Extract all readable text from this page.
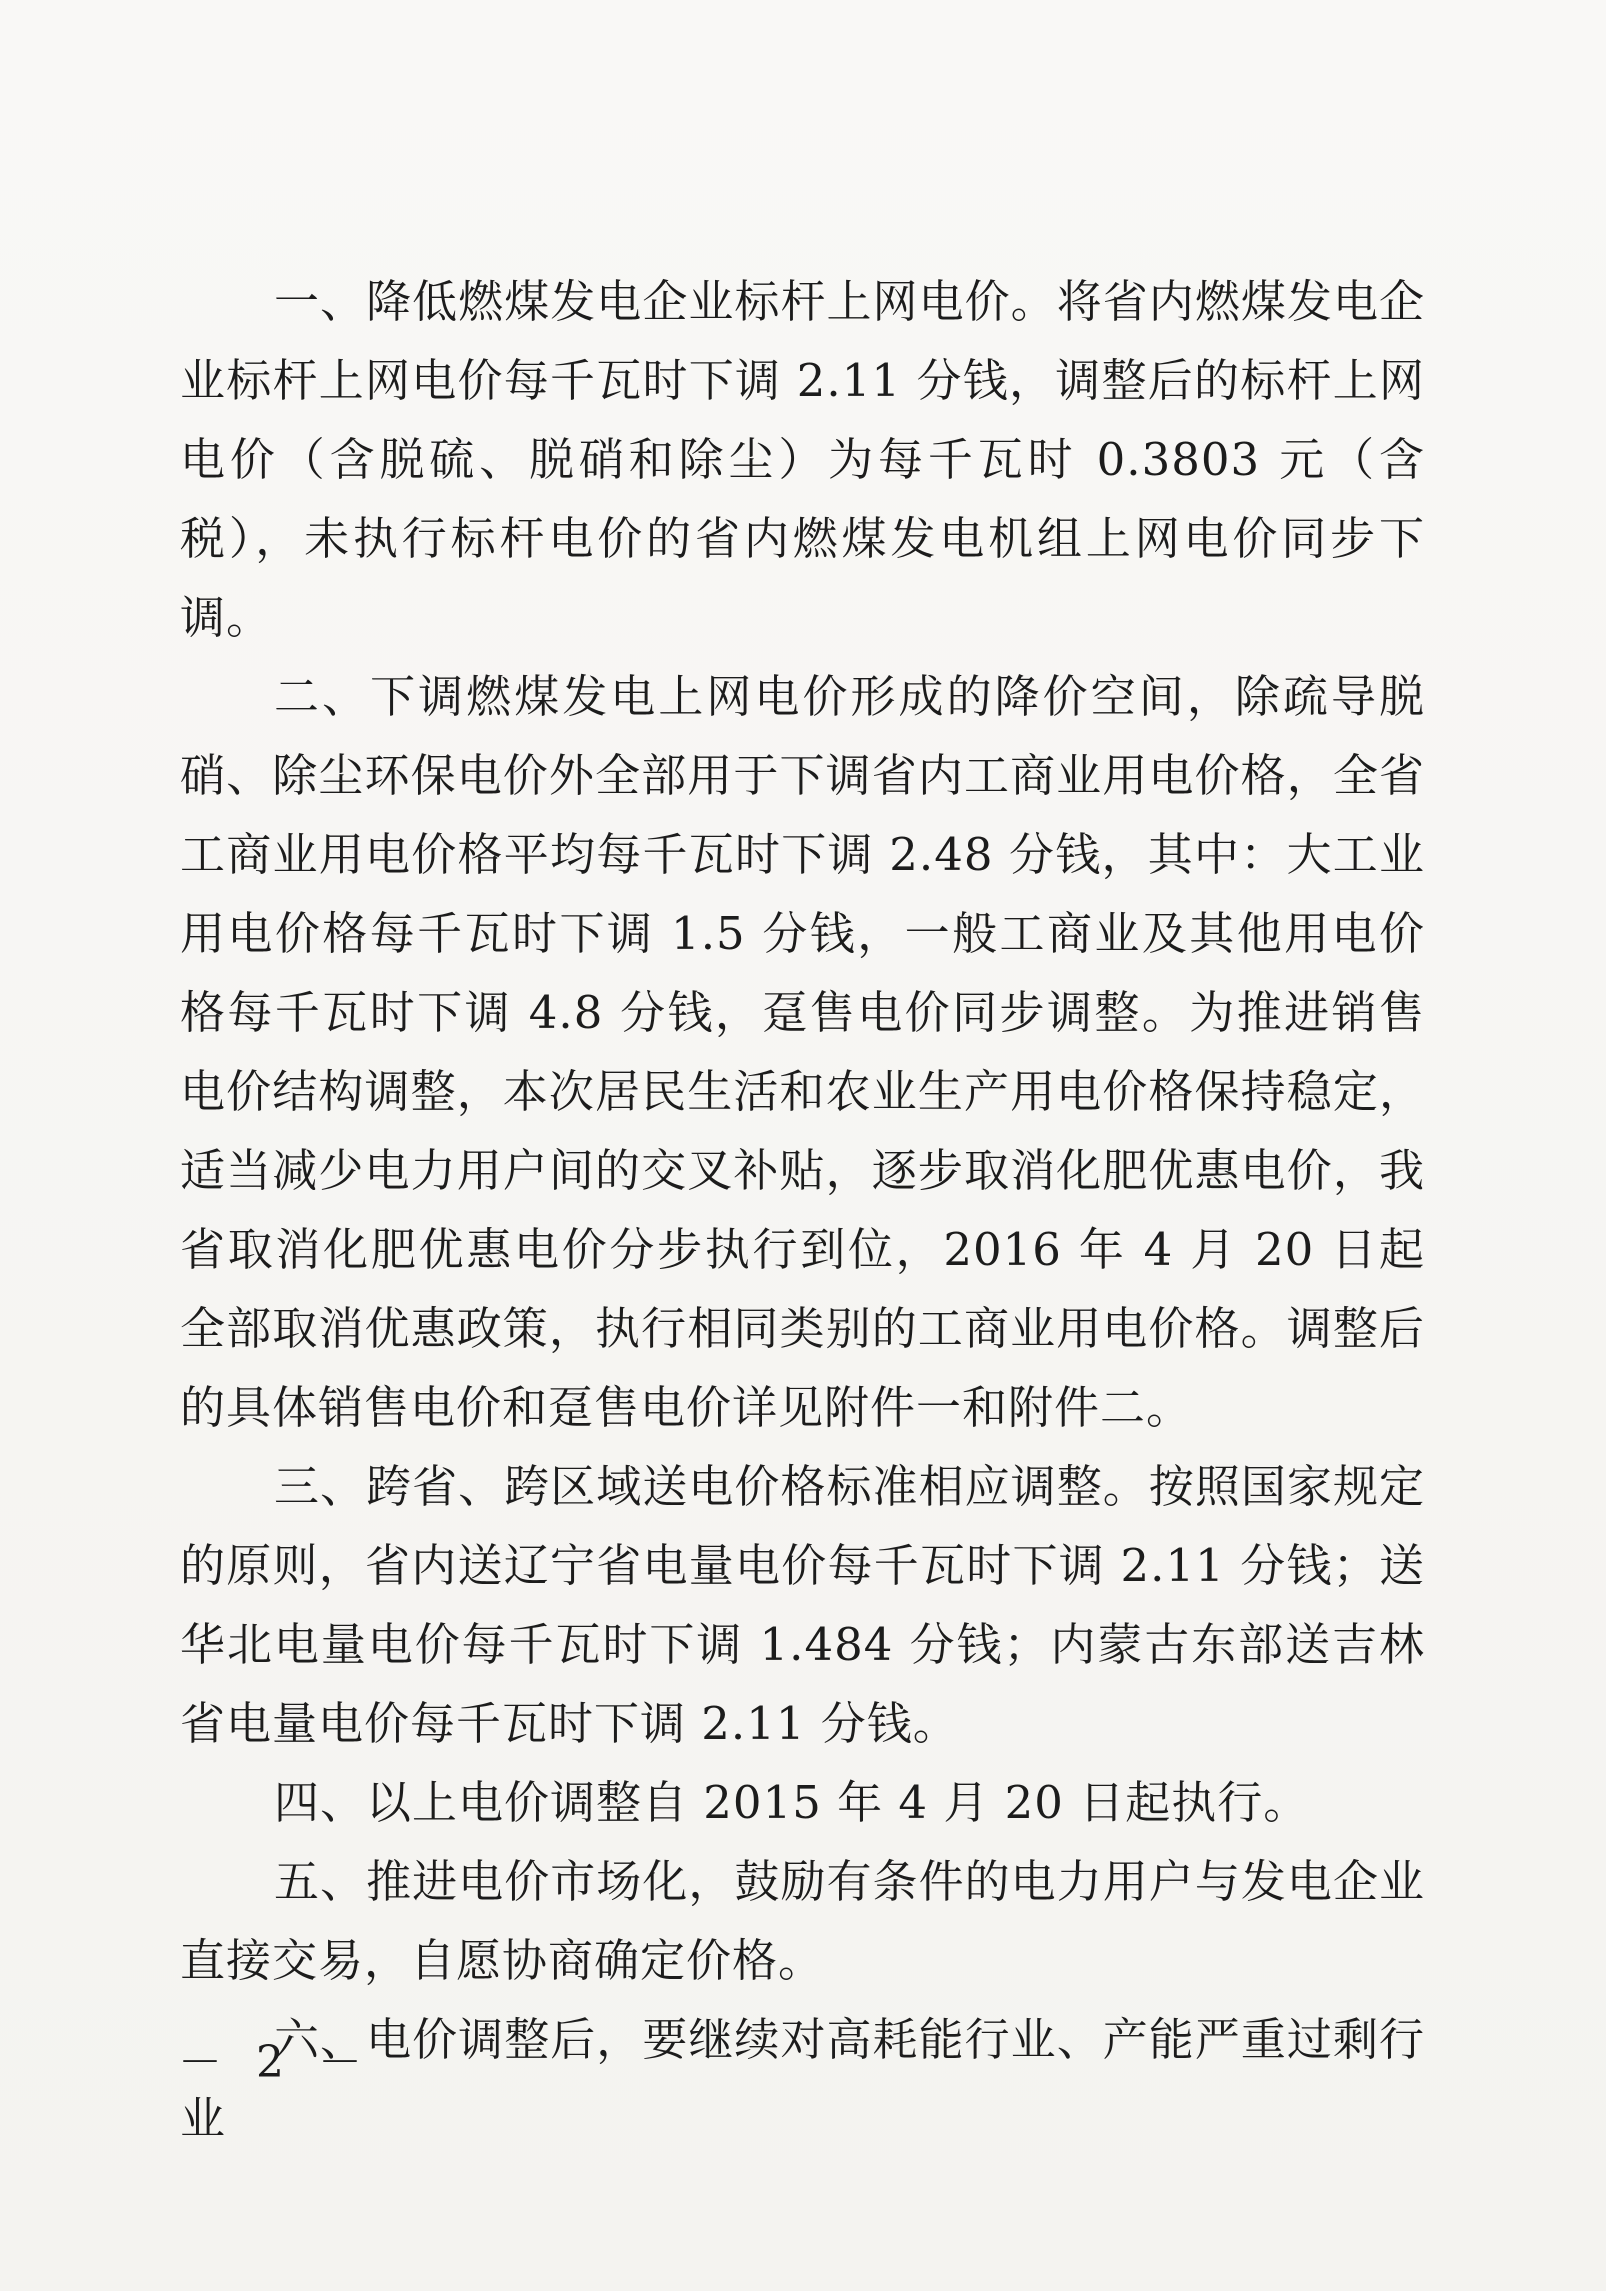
一、降低燃煤发电企业标杆上网电价。将省内燃煤发电企业标杆上网电价每千瓦时下调 2.11 分钱，调整后的标杆上网电价（含脱硫、脱硝和除尘）为每千瓦时 0.3803 元（含税），未执行标杆电价的省内燃煤发电机组上网电价同步下调。

二、下调燃煤发电上网电价形成的降价空间，除疏导脱硝、除尘环保电价外全部用于下调省内工商业用电价格，全省工商业用电价格平均每千瓦时下调 2.48 分钱，其中：大工业用电价格每千瓦时下调 1.5 分钱，一般工商业及其他用电价格每千瓦时下调 4.8 分钱，趸售电价同步调整。为推进销售电价结构调整，本次居民生活和农业生产用电价格保持稳定，适当减少电力用户间的交叉补贴，逐步取消化肥优惠电价，我省取消化肥优惠电价分步执行到位，2016 年 4 月 20 日起全部取消优惠政策，执行相同类别的工商业用电价格。调整后的具体销售电价和趸售电价详见附件一和附件二。

三、跨省、跨区域送电价格标准相应调整。按照国家规定的原则，省内送辽宁省电量电价每千瓦时下调 2.11 分钱；送华北电量电价每千瓦时下调 1.484 分钱；内蒙古东部送吉林省电量电价每千瓦时下调 2.11 分钱。

四、以上电价调整自 2015 年 4 月 20 日起执行。

五、推进电价市场化，鼓励有条件的电力用户与发电企业直接交易，自愿协商确定价格。

六、电价调整后，要继续对高耗能行业、产能严重过剩行业

－ 2 －
